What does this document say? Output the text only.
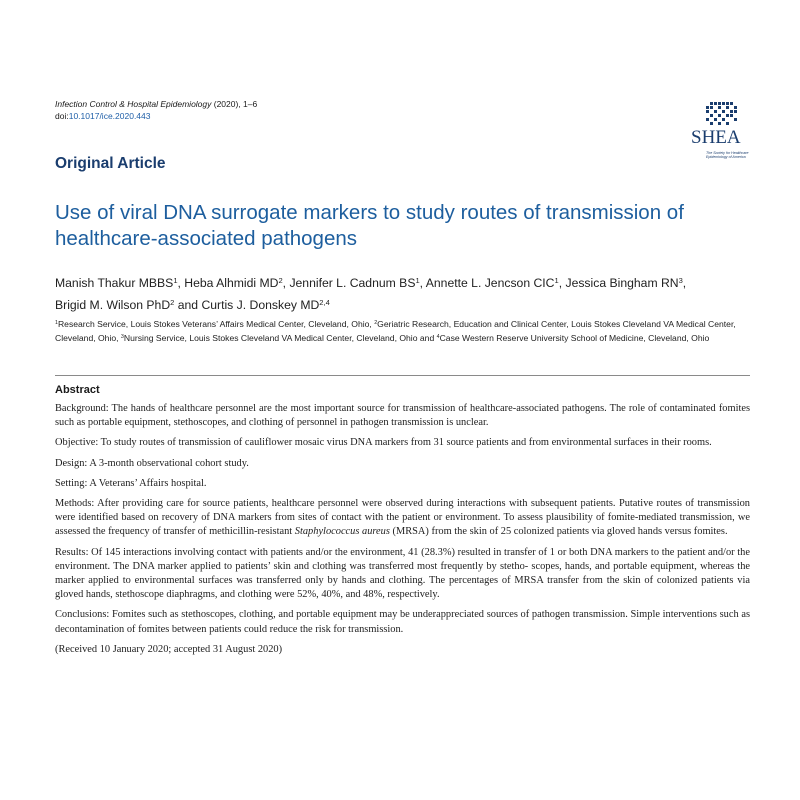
Infection Control & Hospital Epidemiology (2020), 1–6
doi:10.1017/ice.2020.443
SHEA
The Society for Healthcare
Epidemiology of America
Original Article
Use of viral DNA surrogate markers to study routes of transmission of healthcare-associated pathogens
Manish Thakur MBBS$^1$, Heba Alhmidi $MD^2$, Jennifer L. Cadnum $BS^1$, Annette L. Jencson CIC$^1$, Jessica Bingham $RN^3$,
Brigid M. Wilson PhD$^2$ and Curtis J. Donskey MD$^{2,4}$
$^1$Research Service, Louis Stokes Veterans’ Affairs Medical Center, Cleveland, Ohio, $^2$Geriatric Research, Education and Clinical Center, Louis Stokes Cleveland VA Medical Center, Cleveland, Ohio, $^3$Nursing Service, Louis Stokes Cleveland VA Medical Center, Cleveland, Ohio and $^4$Case Western Reserve University School of Medicine, Cleveland, Ohio
Abstract

Background: The hands of healthcare personnel are the most important source for transmission of healthcare-associated pathogens. The role of contaminated fomites such as portable equipment, stethoscopes, and clothing of personnel in pathogen transmission is unclear.

Objective: To study routes of transmission of cauliflower mosaic virus DNA markers from 31 source patients and from environmental surfaces in their rooms.

Design: A 3-month observational cohort study.

Setting: A Veterans’ Affairs hospital.

Methods: After providing care for source patients, healthcare personnel were observed during interactions with subsequent patients. Putative routes of transmission were identified based on recovery of DNA markers from sites of contact with the patient or environment. To assess plausibility of fomite-mediated transmission, we assessed the frequency of transfer of methicillin-resistant Staphylococcus aureus (MRSA) from the skin of 25 colonized patients via gloved hands versus fomites.

Results: Of 145 interactions involving contact with patients and/or the environment, 41 (28.3%) resulted in transfer of 1 or both DNA markers to the patient and/or the environment. The DNA marker applied to patients’ skin and clothing was transferred most frequently by stetho- scopes, hands, and portable equipment, whereas the marker applied to environmental surfaces was transferred only by hands and clothing. The percentages of MRSA transfer from the skin of colonized patients via gloved hands, stethoscope diaphragms, and clothing were 52%, 40%, and 48%, respectively.

Conclusions: Fomites such as stethoscopes, clothing, and portable equipment may be underappreciated sources of pathogen transmission. Simple interventions such as decontamination of fomites between patients could reduce the risk for transmission.

(Received 10 January 2020; accepted 31 August 2020)
